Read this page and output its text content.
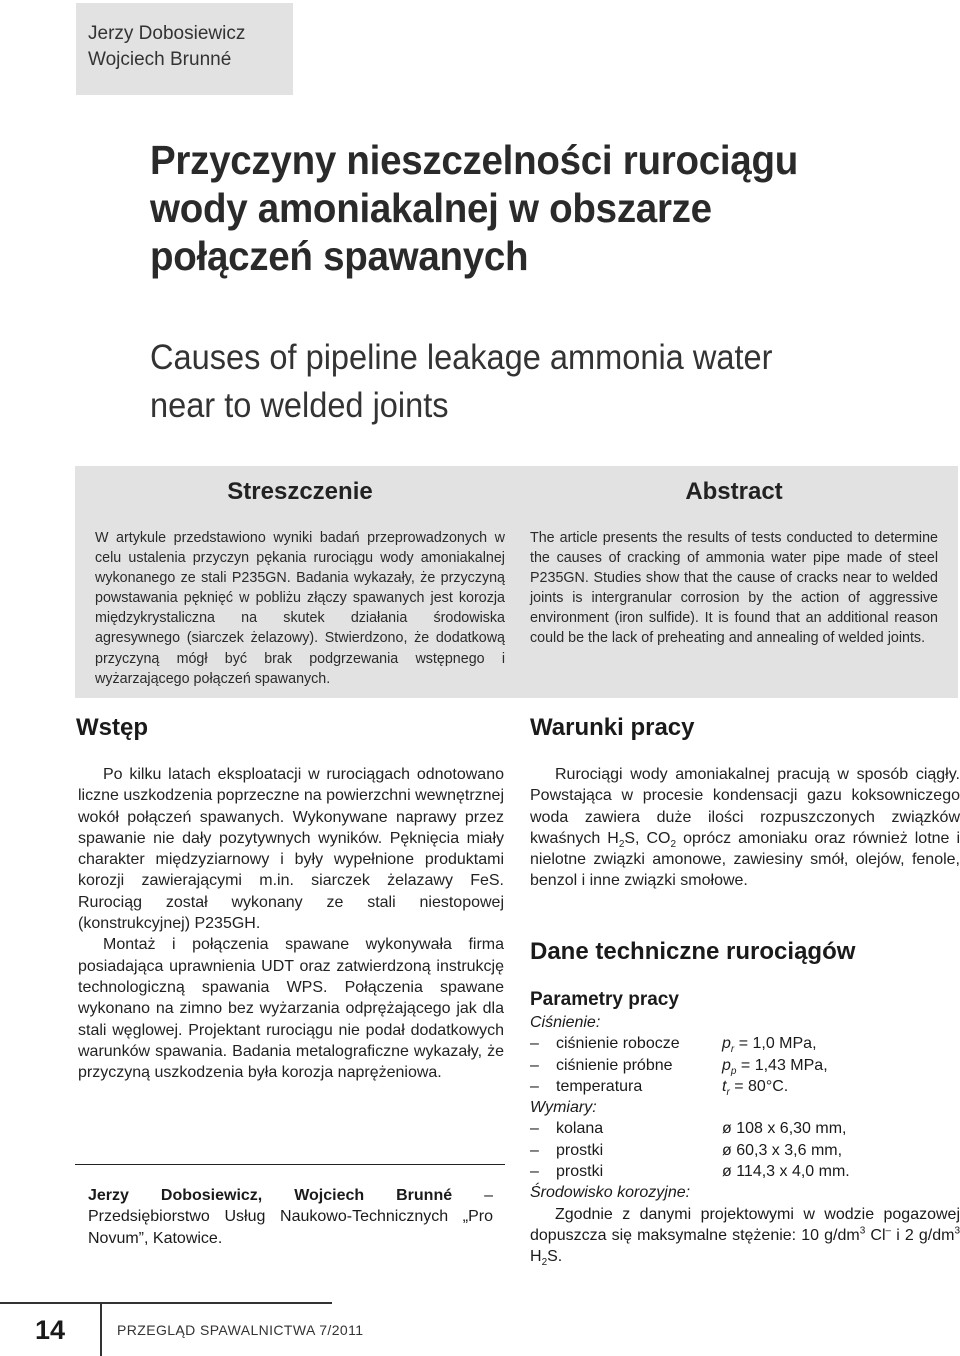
Jerzy Dobosiewicz
Wojciech Brunné
Przyczyny nieszczelności rurociągu
wody amoniakalnej w obszarze
połączeń spawanych
Causes of pipeline leakage ammonia water
near to welded joints
Streszczenie
W artykule przedstawiono wyniki badań przeprowadzonych w celu ustalenia przyczyn pękania rurociągu wody amoniakalnej wykonanego ze stali P235GN. Badania wykazały, że przyczyną powstawania pęknięć w pobliżu złączy spawanych jest korozja międzykrystaliczna na skutek działania środowiska agresywnego (siarczek żelazowy). Stwierdzono, że dodatkową przyczyną mógł być brak podgrzewania wstępnego i wyżarzającego połączeń spawanych.
Abstract
The article presents the results of tests conducted to determine the causes of cracking of ammonia water pipe made of steel P235GN. Studies show that the cause of cracks near to welded joints is intergranular corrosion by the action of aggressive environment (iron sulfide). It is found that an additional reason could be the lack of preheating and annealing of welded joints.
Wstęp

Po kilku latach eksploatacji w rurociągach odnotowano liczne uszkodzenia poprzeczne na powierzchni wewnętrznej wokół połączeń spawanych. Wykonywane naprawy przez spawanie nie dały pozytywnych wyników. Pęknięcia miały charakter międzyziarnowy i były wypełnione produktami korozji zawierającymi m.in. siarczek żelazawy FeS. Rurociąg został wykonany ze stali niestopowej (konstrukcyjnej) P235GH.

Montaż i połączenia spawane wykonywała firma posiadająca uprawnienia UDT oraz zatwierdzoną instrukcję technologiczną spawania WPS. Połączenia spawane wykonano na zimno bez wyżarzania odprężającego jak dla stali węglowej. Projektant rurociągu nie podał dodatkowych warunków spawania. Badania metalograficzne wykazały, że przyczyną uszkodzenia była korozja naprężeniowa.

Jerzy Dobosiewicz, Wojciech Brunné – Przedsiębiorstwo Usług Naukowo-Technicznych „Pro Novum”, Katowice.
Warunki pracy

Rurociągi wody amoniakalnej pracują w sposób ciągły. Powstająca w procesie kondensacji gazu koksowniczego woda zawiera duże ilości rozpuszczonych związków kwaśnych $H_2S$, $CO_2$ oprócz amoniaku oraz również lotne i nielotne związki amonowe, zawiesiny smół, olejów, fenole, benzol i inne związki smołowe.

Dane techniczne rurociągów
Parametry pracy
Ciśnienie:
– ciśnienie robocze	$p_r = 1,0$ MPa,
– ciśnienie próbne	$p_p = 1,43$ MPa,
– temperatura	$t_r = 80^\circ C$.
Wymiary:
– kolana	ø 108 x 6,30 mm,
– prostki	ø 60,3 x 3,6 mm,
– prostki	ø 114,3 x 4,0 mm.
Środowisko korozyjne:
Zgodnie z danymi projektowymi w wodzie pogazowej dopuszcza się maksymalne stężenie: 10 $g/dm^3$ Cl– i 2 $g/dm^3$ $H_2S$.
14	PRZEGLĄD SPAWALNICTWA 7/2011
